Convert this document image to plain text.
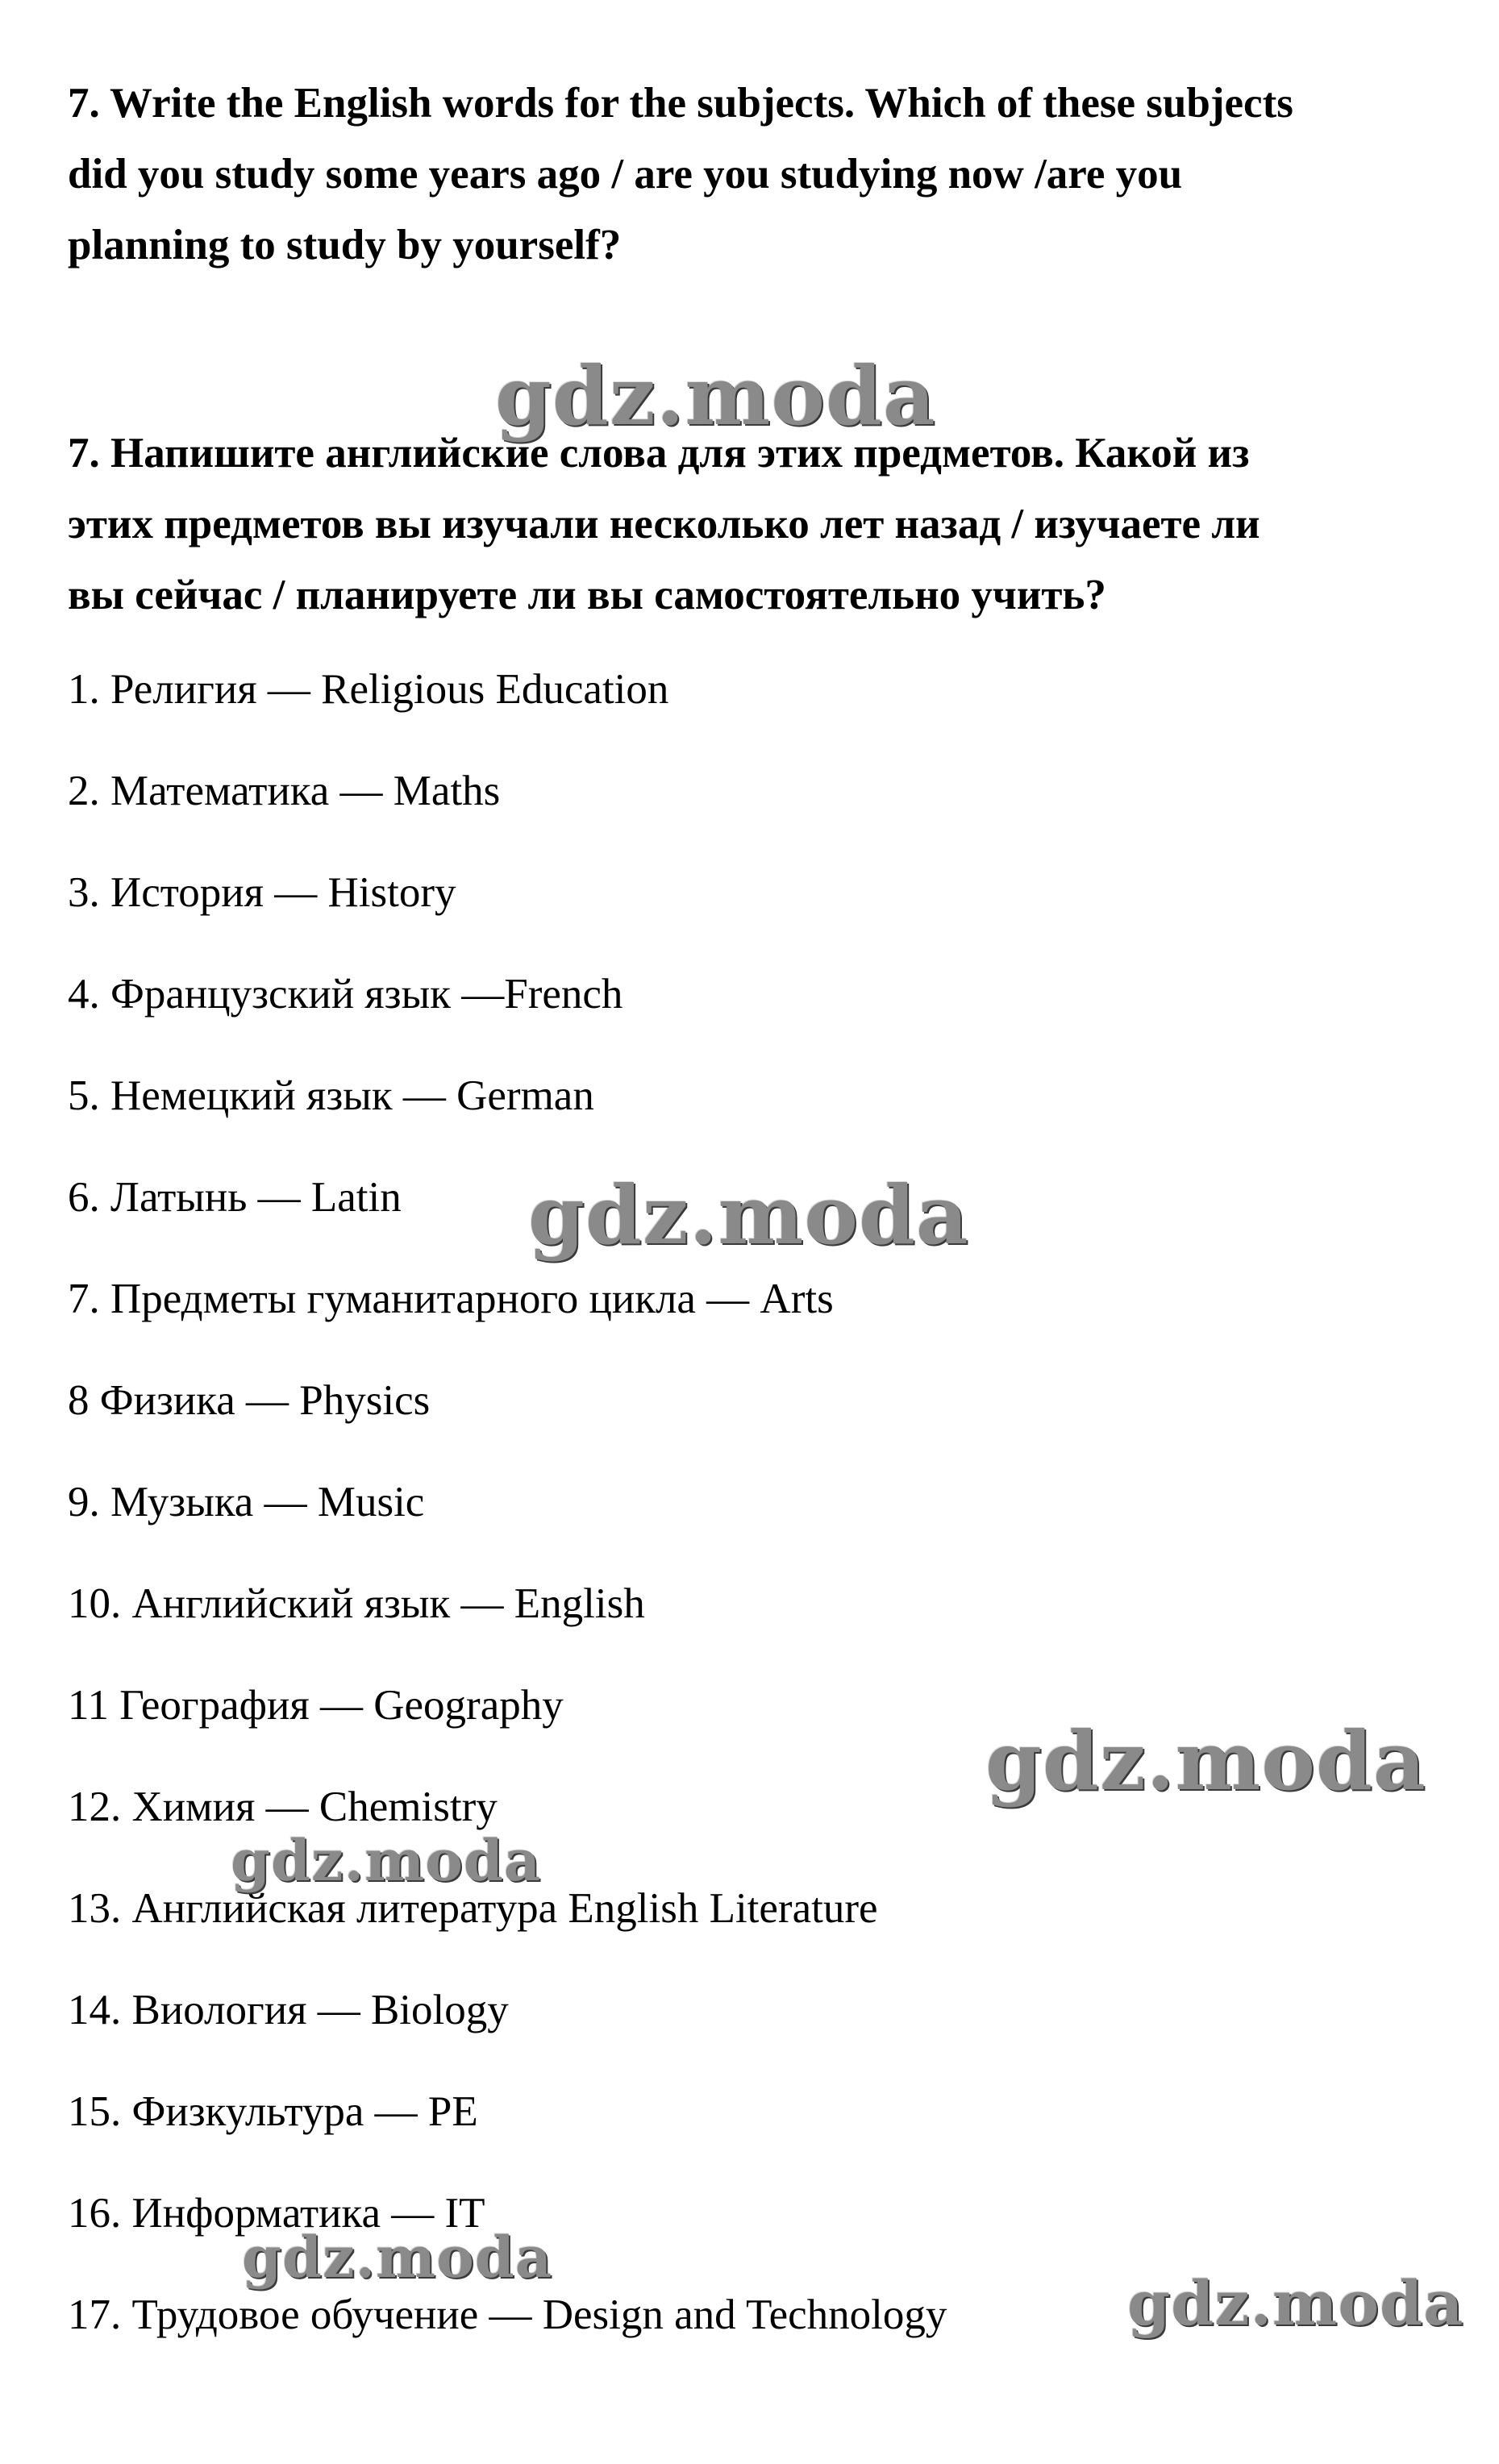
7. Write the English words for the subjects. Which of these subjects
did you study some years ago / are you studying now /are you
planning to study by yourself?
7. Напишите английские слова для этих предметов. Какой из
этих предметов вы изучали несколько лет назад / изучаете ли
вы сейчас / планируете ли вы самостоятельно учить?
1. Религия — Religious Education
2. Математика — Maths
3. История — History
4. Французский язык —French
5. Немецкий язык — German
6. Латынь — Latin
7. Предметы гуманитарного цикла — Arts
8 Физика — Physics
9. Музыка — Music
10. Английский язык — English
11 География — Geography
12. Химия — Chemistry
13. Английская литература English Literature
14. Виология — Biology
15. Физкультура — PE
16. Информатика — IT
17. Трудовое обучение — Design and Technology
gdz.moda
gdz.moda
gdz.moda
gdz.moda
gdz.moda
gdz.moda
